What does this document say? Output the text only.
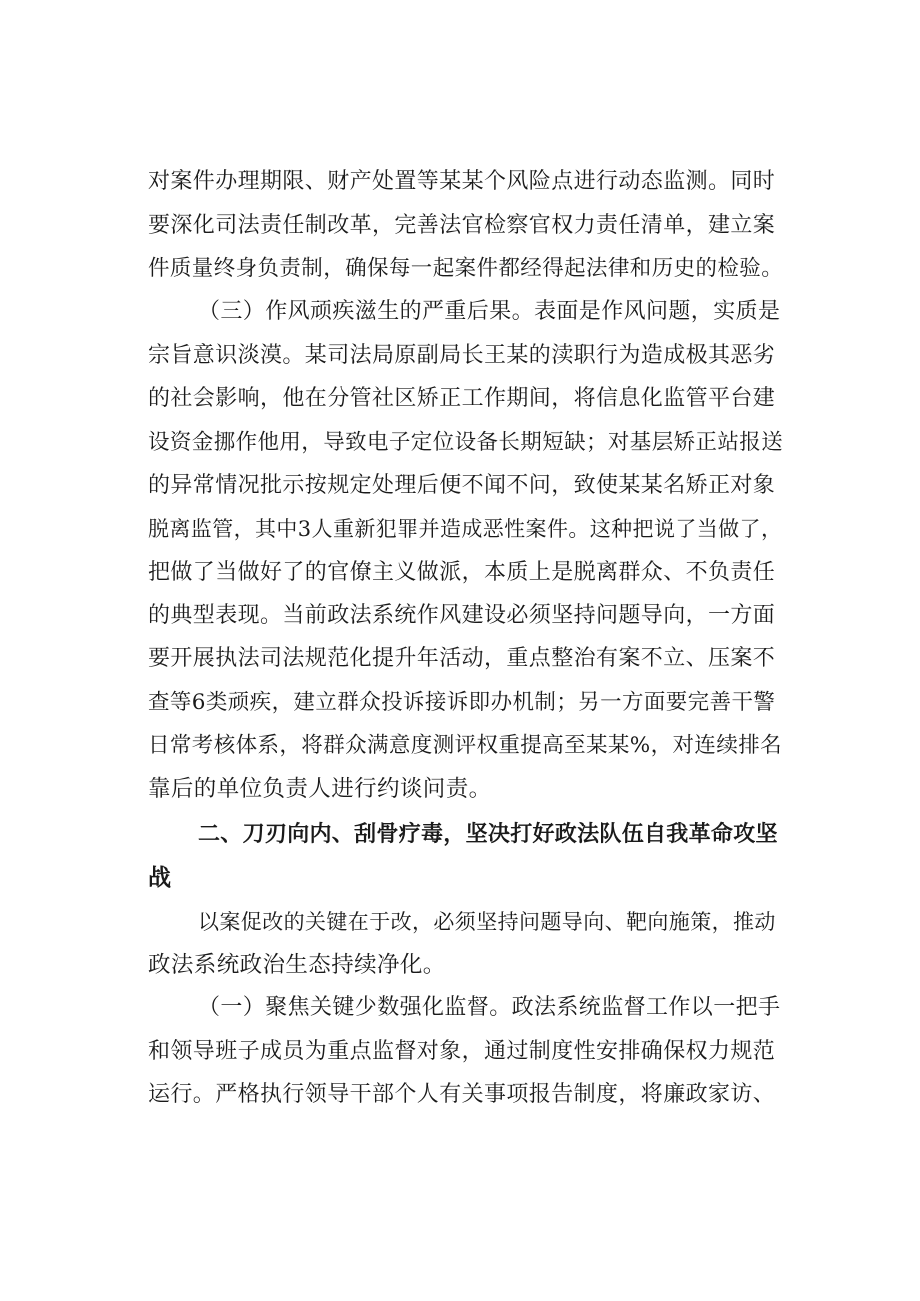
对案件办理期限、财产处置等某某个风险点进行动态监测。同时
要深化司法责任制改革，完善法官检察官权力责任清单，建立案
件质量终身负责制，确保每一起案件都经得起法律和历史的检验。
（三）作风顽疾滋生的严重后果。表面是作风问题，实质是
宗旨意识淡漠。某司法局原副局长王某的渎职行为造成极其恶劣
的社会影响，他在分管社区矫正工作期间，将信息化监管平台建
设资金挪作他用，导致电子定位设备长期短缺；对基层矫正站报送
的异常情况批示按规定处理后便不闻不问，致使某某名矫正对象
脱离监管，其中3人重新犯罪并造成恶性案件。这种把说了当做了，
把做了当做好了的官僚主义做派，本质上是脱离群众、不负责任
的典型表现。当前政法系统作风建设必须坚持问题导向，一方面
要开展执法司法规范化提升年活动，重点整治有案不立、压案不
查等6类顽疾，建立群众投诉接诉即办机制；另一方面要完善干警
日常考核体系，将群众满意度测评权重提高至某某%，对连续排名
靠后的单位负责人进行约谈问责。
二、刀刃向内、刮骨疗毒，坚决打好政法队伍自我革命攻坚
战
以案促改的关键在于改，必须坚持问题导向、靶向施策，推动
政法系统政治生态持续净化。
（一）聚焦关键少数强化监督。政法系统监督工作以一把手
和领导班子成员为重点监督对象，通过制度性安排确保权力规范
运行。严格执行领导干部个人有关事项报告制度，将廉政家访、
